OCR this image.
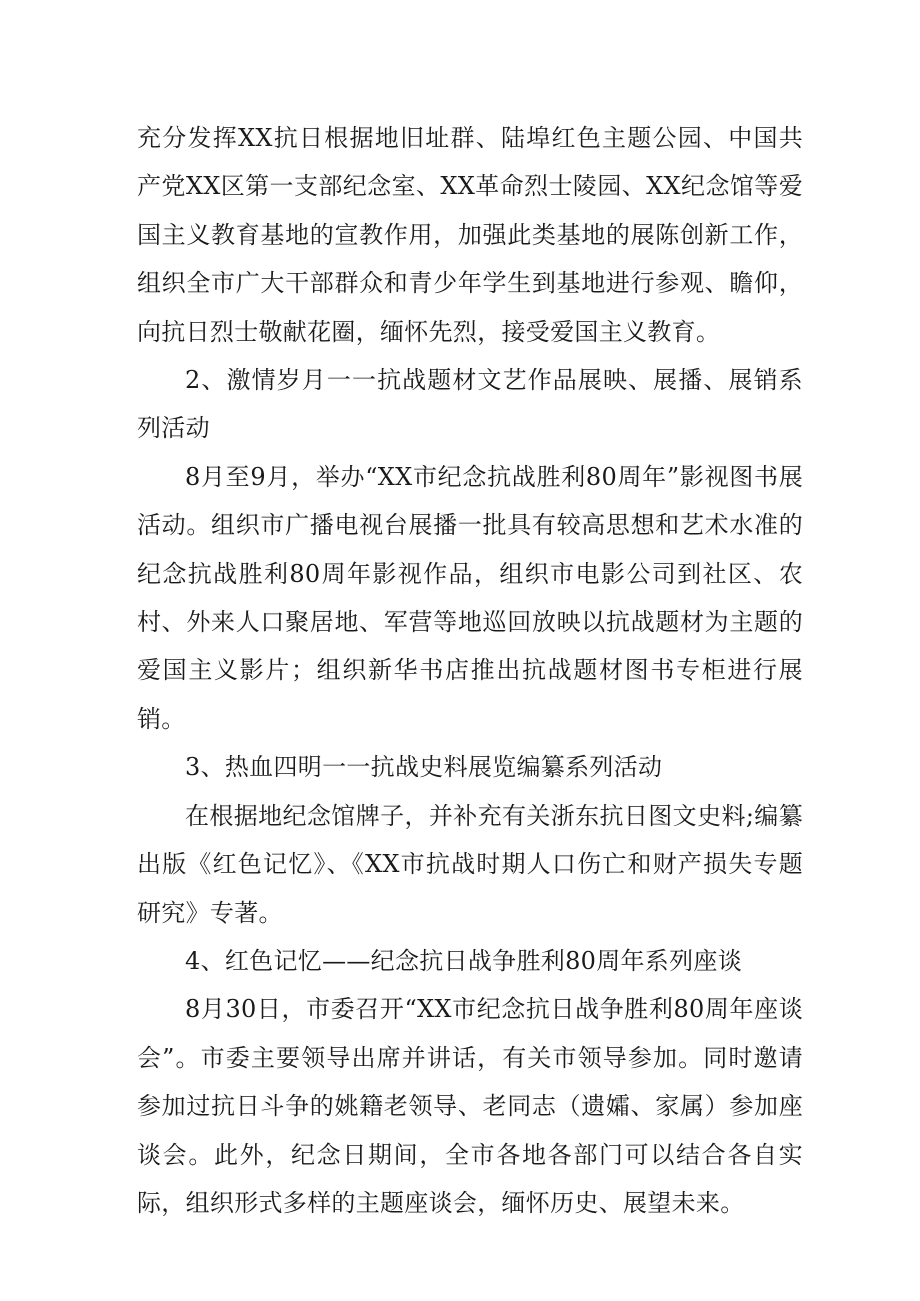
充分发挥XX抗日根据地旧址群、陆埠红色主题公园、中国共产党XX区第一支部纪念室、XX革命烈士陵园、XX纪念馆等爱国主义教育基地的宣教作用，加强此类基地的展陈创新工作，组织全市广大干部群众和青少年学生到基地进行参观、瞻仰，向抗日烈士敬献花圈，缅怀先烈，接受爱国主义教育。

2、激情岁月一一抗战题材文艺作品展映、展播、展销系列活动

8月至9月，举办“XX市纪念抗战胜利80周年”影视图书展活动。组织市广播电视台展播一批具有较高思想和艺术水准的纪念抗战胜利80周年影视作品，组织市电影公司到社区、农村、外来人口聚居地、军营等地巡回放映以抗战题材为主题的爱国主义影片；组织新华书店推出抗战题材图书专柜进行展销。

3、热血四明一一抗战史料展览编纂系列活动

在根据地纪念馆牌子，并补充有关浙东抗日图文史料;编纂出版《红色记忆》、《XX市抗战时期人口伤亡和财产损失专题研究》专著。

4、红色记忆——纪念抗日战争胜利80周年系列座谈

8月30日，市委召开“XX市纪念抗日战争胜利80周年座谈会”。市委主要领导出席并讲话，有关市领导参加。同时邀请参加过抗日斗争的姚籍老领导、老同志（遗孀、家属）参加座谈会。此外，纪念日期间，全市各地各部门可以结合各自实际，组织形式多样的主题座谈会，缅怀历史、展望未来。
